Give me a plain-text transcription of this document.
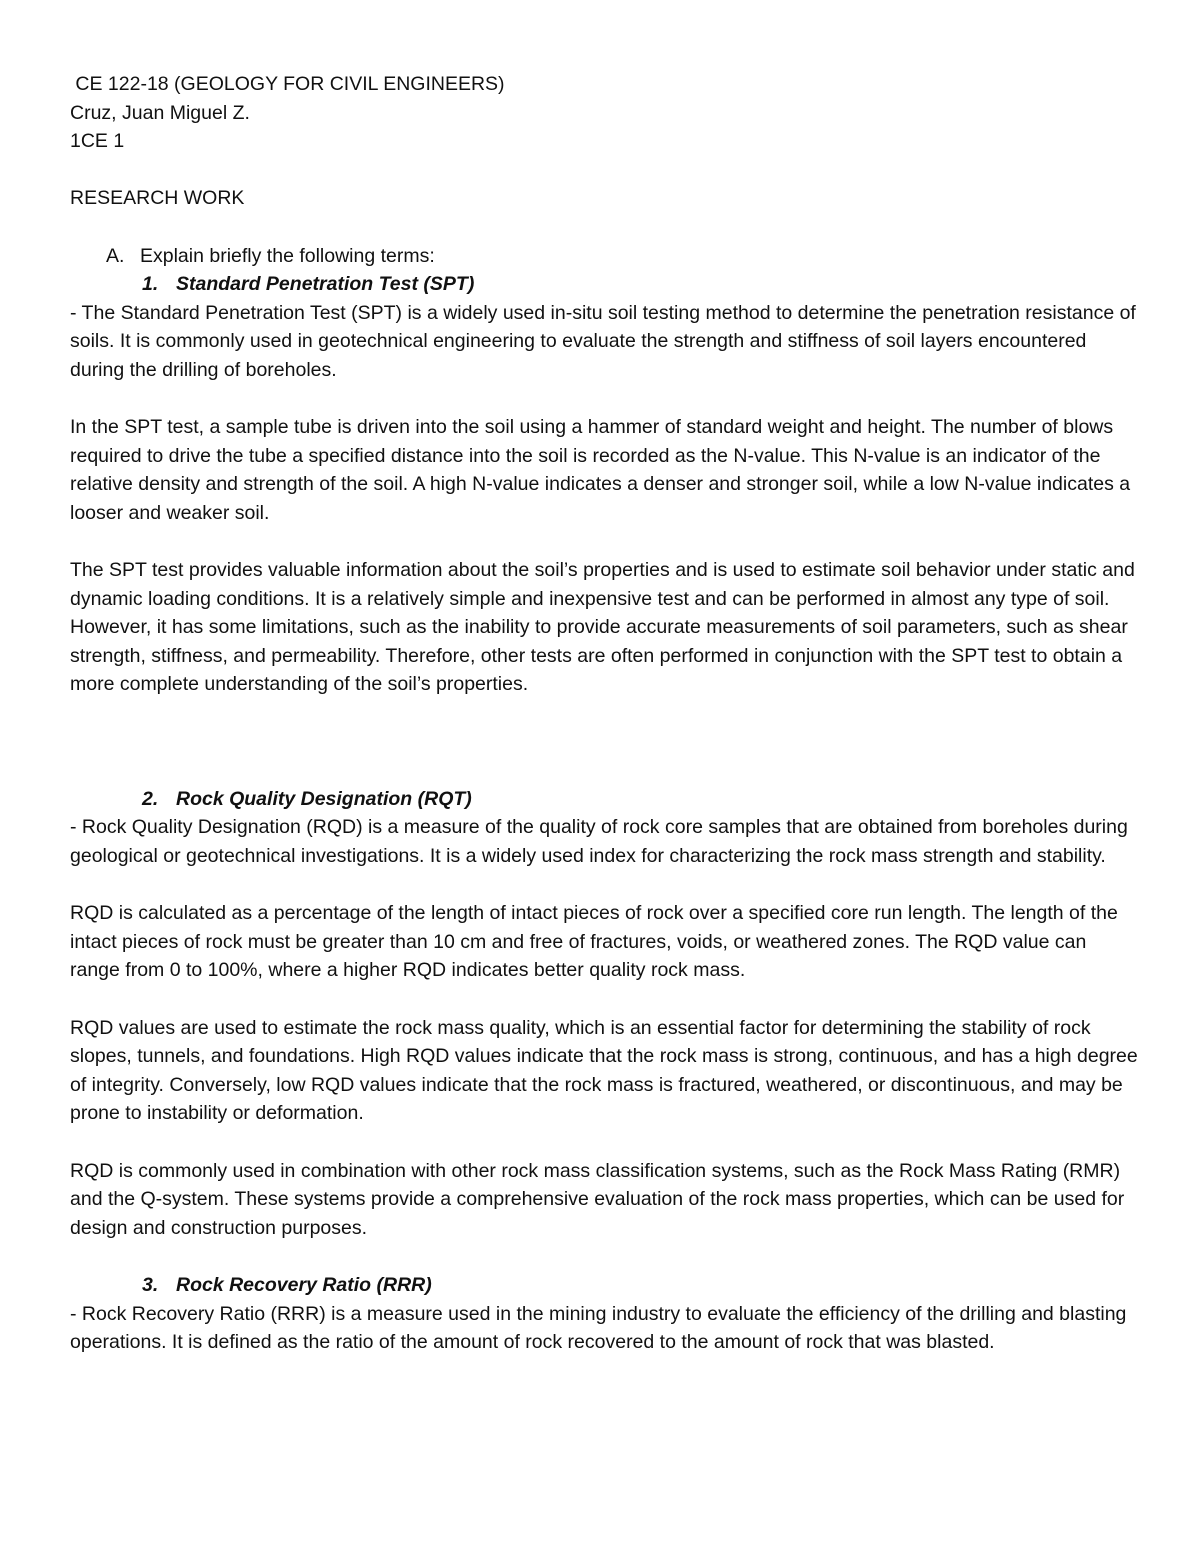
CE 122-18 (GEOLOGY FOR CIVIL ENGINEERS)
Cruz, Juan Miguel Z.
1CE 1
RESEARCH WORK
A. Explain briefly the following terms:
1. Standard Penetration Test (SPT)

- The Standard Penetration Test (SPT) is a widely used in-situ soil testing method to determine the penetration resistance of soils. It is commonly used in geotechnical engineering to evaluate the strength and stiffness of soil layers encountered during the drilling of boreholes.

In the SPT test, a sample tube is driven into the soil using a hammer of standard weight and height. The number of blows required to drive the tube a specified distance into the soil is recorded as the N-value. This N-value is an indicator of the relative density and strength of the soil. A high N-value indicates a denser and stronger soil, while a low N-value indicates a looser and weaker soil.

The SPT test provides valuable information about the soil’s properties and is used to estimate soil behavior under static and dynamic loading conditions. It is a relatively simple and inexpensive test and can be performed in almost any type of soil. However, it has some limitations, such as the inability to provide accurate measurements of soil parameters, such as shear strength, stiffness, and permeability. Therefore, other tests are often performed in conjunction with the SPT test to obtain a more complete understanding of the soil’s properties.

2. Rock Quality Designation (RQT)

- Rock Quality Designation (RQD) is a measure of the quality of rock core samples that are obtained from boreholes during geological or geotechnical investigations. It is a widely used index for characterizing the rock mass strength and stability.

RQD is calculated as a percentage of the length of intact pieces of rock over a specified core run length. The length of the intact pieces of rock must be greater than 10 cm and free of fractures, voids, or weathered zones. The RQD value can range from 0 to 100%, where a higher RQD indicates better quality rock mass.

RQD values are used to estimate the rock mass quality, which is an essential factor for determining the stability of rock slopes, tunnels, and foundations. High RQD values indicate that the rock mass is strong, continuous, and has a high degree of integrity. Conversely, low RQD values indicate that the rock mass is fractured, weathered, or discontinuous, and may be prone to instability or deformation.

RQD is commonly used in combination with other rock mass classification systems, such as the Rock Mass Rating (RMR) and the Q-system. These systems provide a comprehensive evaluation of the rock mass properties, which can be used for design and construction purposes.

3. Rock Recovery Ratio (RRR)

- Rock Recovery Ratio (RRR) is a measure used in the mining industry to evaluate the efficiency of the drilling and blasting operations. It is defined as the ratio of the amount of rock recovered to the amount of rock that was blasted.
